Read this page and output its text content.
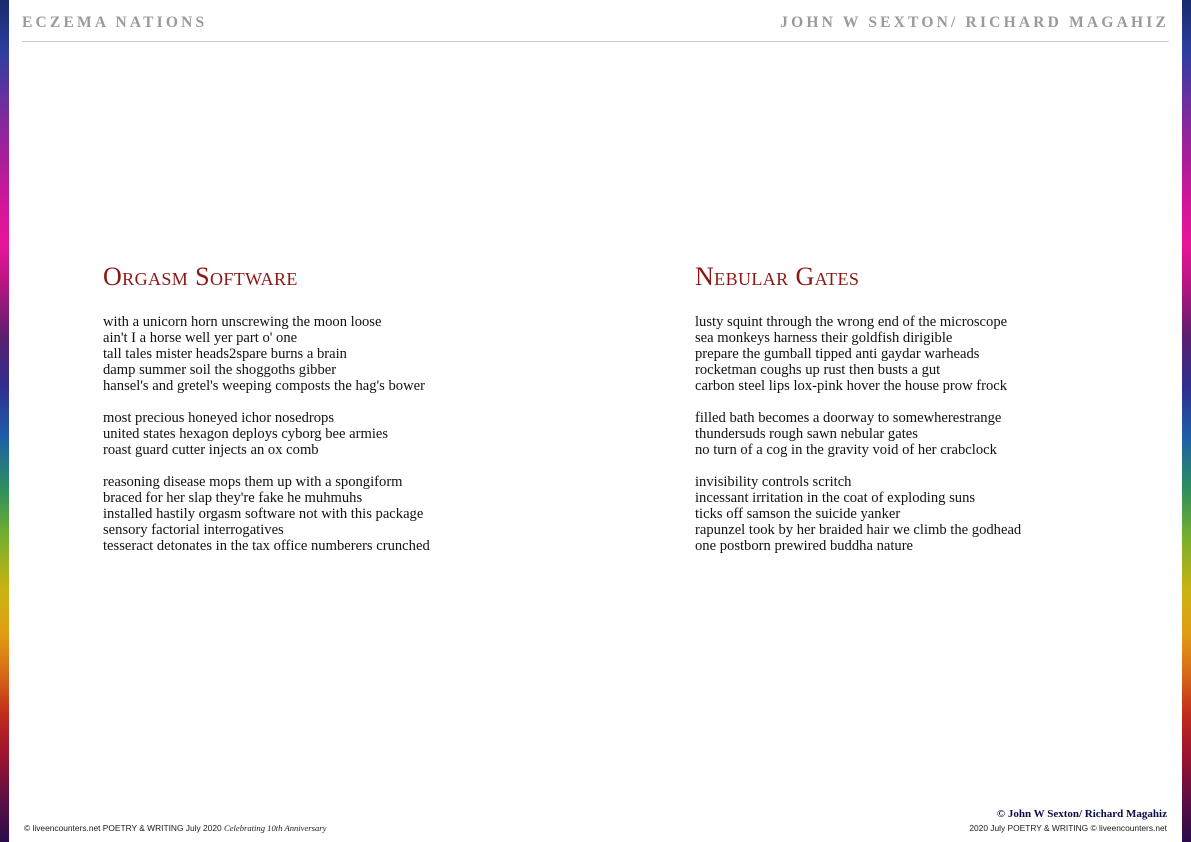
ECZEMA NATIONS	JOHN W SEXTON/ RICHARD MAGAHIZ
Orgasm Software
with a unicorn horn unscrewing the moon loose
ain't I a horse well yer part o' one
tall tales mister heads2spare burns a brain
damp summer soil the shoggoths gibber
hansel's and gretel's weeping composts the hag's bower
most precious honeyed ichor nosedrops
united states hexagon deploys cyborg bee armies
roast guard cutter injects an ox comb
reasoning disease mops them up with a spongiform
braced for her slap they're fake he muhmuhs
installed hastily orgasm software not with this package
sensory factorial interrogatives
tesseract detonates in the tax office numberers crunched
Nebular Gates
lusty squint through the wrong end of the microscope
sea monkeys harness their goldfish dirigible
prepare the gumball tipped anti gaydar warheads
rocketman coughs up rust then busts a gut
carbon steel lips lox-pink hover the house prow frock
filled bath becomes a doorway to somewherestrange
thundersuds rough sawn nebular gates
no turn of a cog in the gravity void of her crabclock
invisibility controls scritch
incessant irritation in the coat of exploding suns
ticks off samson the suicide yanker
rapunzel took by her braided hair we climb the godhead
one postborn prewired buddha nature
© liveencounters.net POETRY & WRITING July 2020 Celebrating 10th Anniversary
© John W Sexton/ Richard Magahiz
2020 July POETRY & WRITING © liveencounters.net
